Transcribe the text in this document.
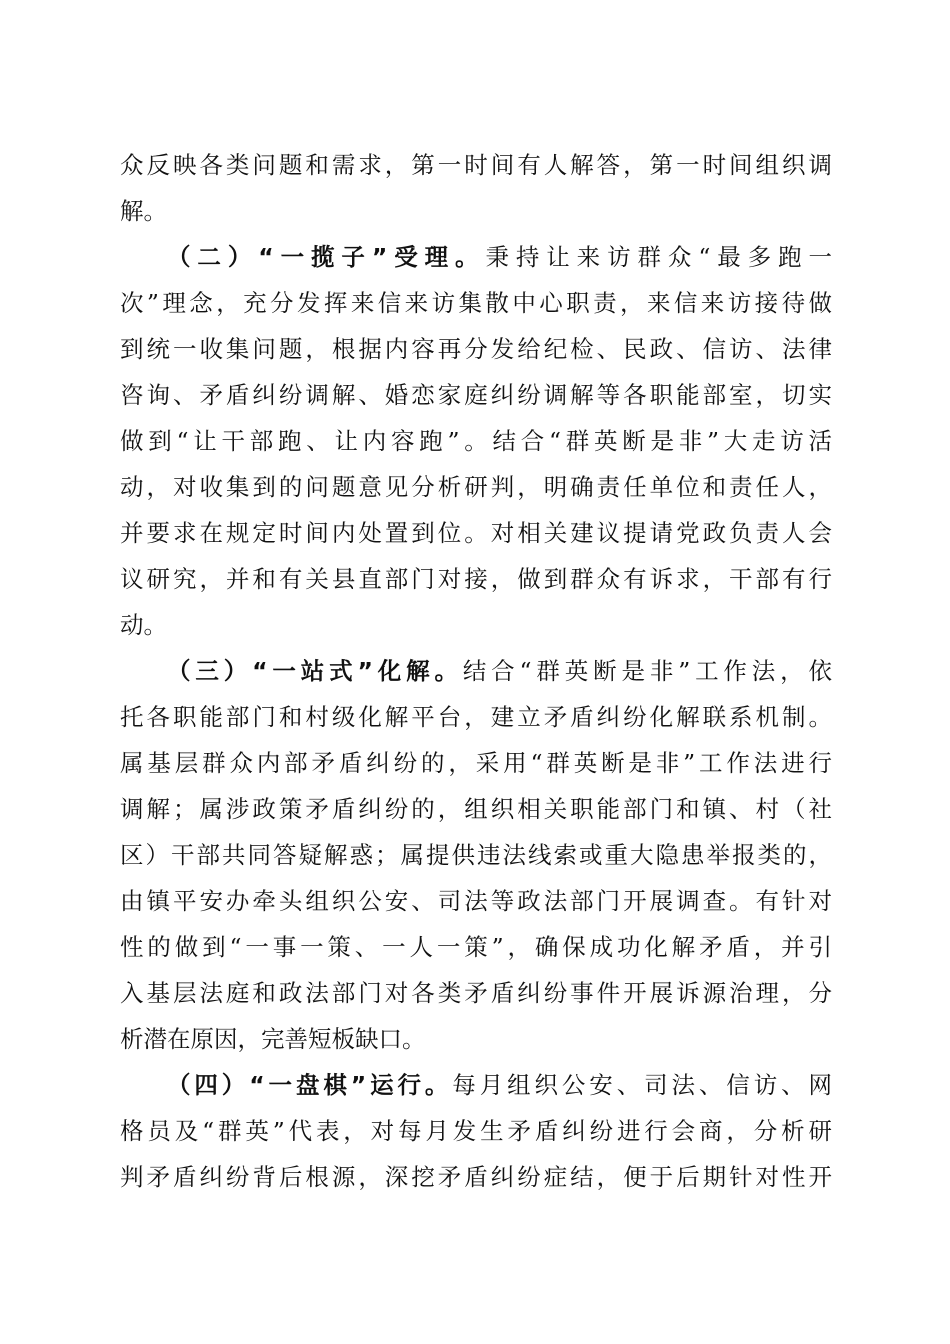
众反映各类问题和需求，第一时间有人解答，第一时间组织调
解。
（二）“一揽子”受理。秉持让来访群众“最多跑一
次”理念，充分发挥来信来访集散中心职责，来信来访接待做
到统一收集问题，根据内容再分发给纪检、民政、信访、法律
咨询、矛盾纠纷调解、婚恋家庭纠纷调解等各职能部室，切实
做到“让干部跑、让内容跑”。结合“群英断是非”大走访活
动，对收集到的问题意见分析研判，明确责任单位和责任人，
并要求在规定时间内处置到位。对相关建议提请党政负责人会
议研究，并和有关县直部门对接，做到群众有诉求，干部有行
动。
（三）“一站式”化解。结合“群英断是非”工作法，依
托各职能部门和村级化解平台，建立矛盾纠纷化解联系机制。
属基层群众内部矛盾纠纷的，采用“群英断是非”工作法进行
调解；属涉政策矛盾纠纷的，组织相关职能部门和镇、村（社
区）干部共同答疑解惑；属提供违法线索或重大隐患举报类的，
由镇平安办牵头组织公安、司法等政法部门开展调查。有针对
性的做到“一事一策、一人一策”，确保成功化解矛盾，并引
入基层法庭和政法部门对各类矛盾纠纷事件开展诉源治理，分
析潜在原因，完善短板缺口。
（四）“一盘棋”运行。每月组织公安、司法、信访、网
格员及“群英”代表，对每月发生矛盾纠纷进行会商，分析研
判矛盾纠纷背后根源，深挖矛盾纠纷症结，便于后期针对性开
